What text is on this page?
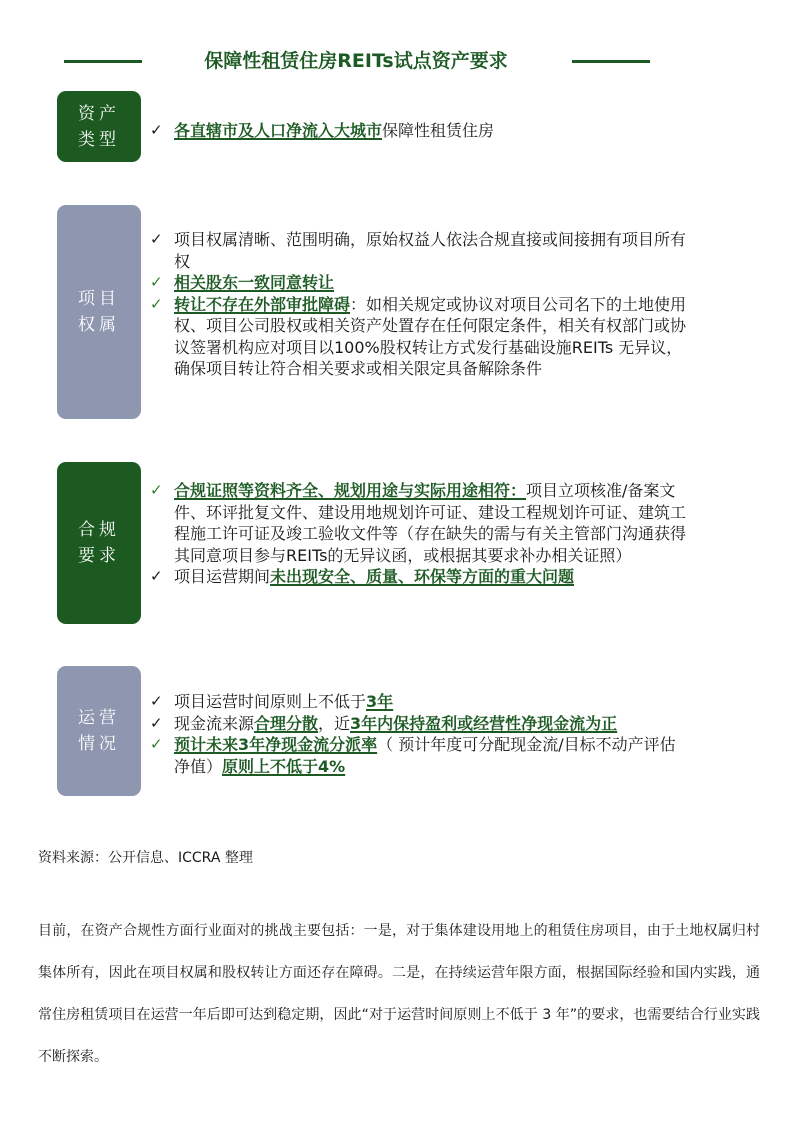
保障性租赁住房REITs试点资产要求
资产类型 ✓ 各直辖市及人口净流入大城市保障性租赁住房
项目权属
✓ 项目权属清晰、范围明确，原始权益人依法合规直接或间接拥有项目所有权
✓ 相关股东一致同意转让
✓ 转让不存在外部审批障碍：如相关规定或协议对项目公司名下的土地使用权、项目公司股权或相关资产处置存在任何限定条件，相关有权部门或协议签署机构应对项目以100%股权转让方式发行基础设施REITs 无异议，确保项目转让符合相关要求或相关限定具备解除条件
合规要求
✓ 合规证照等资料齐全、规划用途与实际用途相符：项目立项核准/备案文件、环评批复文件、建设用地规划许可证、建设工程规划许可证、建筑工程施工许可证及竣工验收文件等（存在缺失的需与有关主管部门沟通获得其同意项目参与REITs的无异议函，或根据其要求补办相关证照）
✓ 项目运营期间未出现安全、质量、环保等方面的重大问题
运营情况
✓ 项目运营时间原则上不低于3年
✓ 现金流来源合理分散，近3年内保持盈利或经营性净现金流为正
✓ 预计未来3年净现金流分派率（ 预计年度可分配现金流/目标不动产评估净值）原则上不低于4%
资料来源：公开信息、ICCRA 整理
目前，在资产合规性方面行业面对的挑战主要包括：一是，对于集体建设用地上的租赁住房项目，由于土地权属归村集体所有，因此在项目权属和股权转让方面还存在障碍。二是，在持续运营年限方面，根据国际经验和国内实践，通常住房租赁项目在运营一年后即可达到稳定期，因此“对于运营时间原则上不低于 3 年”的要求，也需要结合行业实践不断探索。
